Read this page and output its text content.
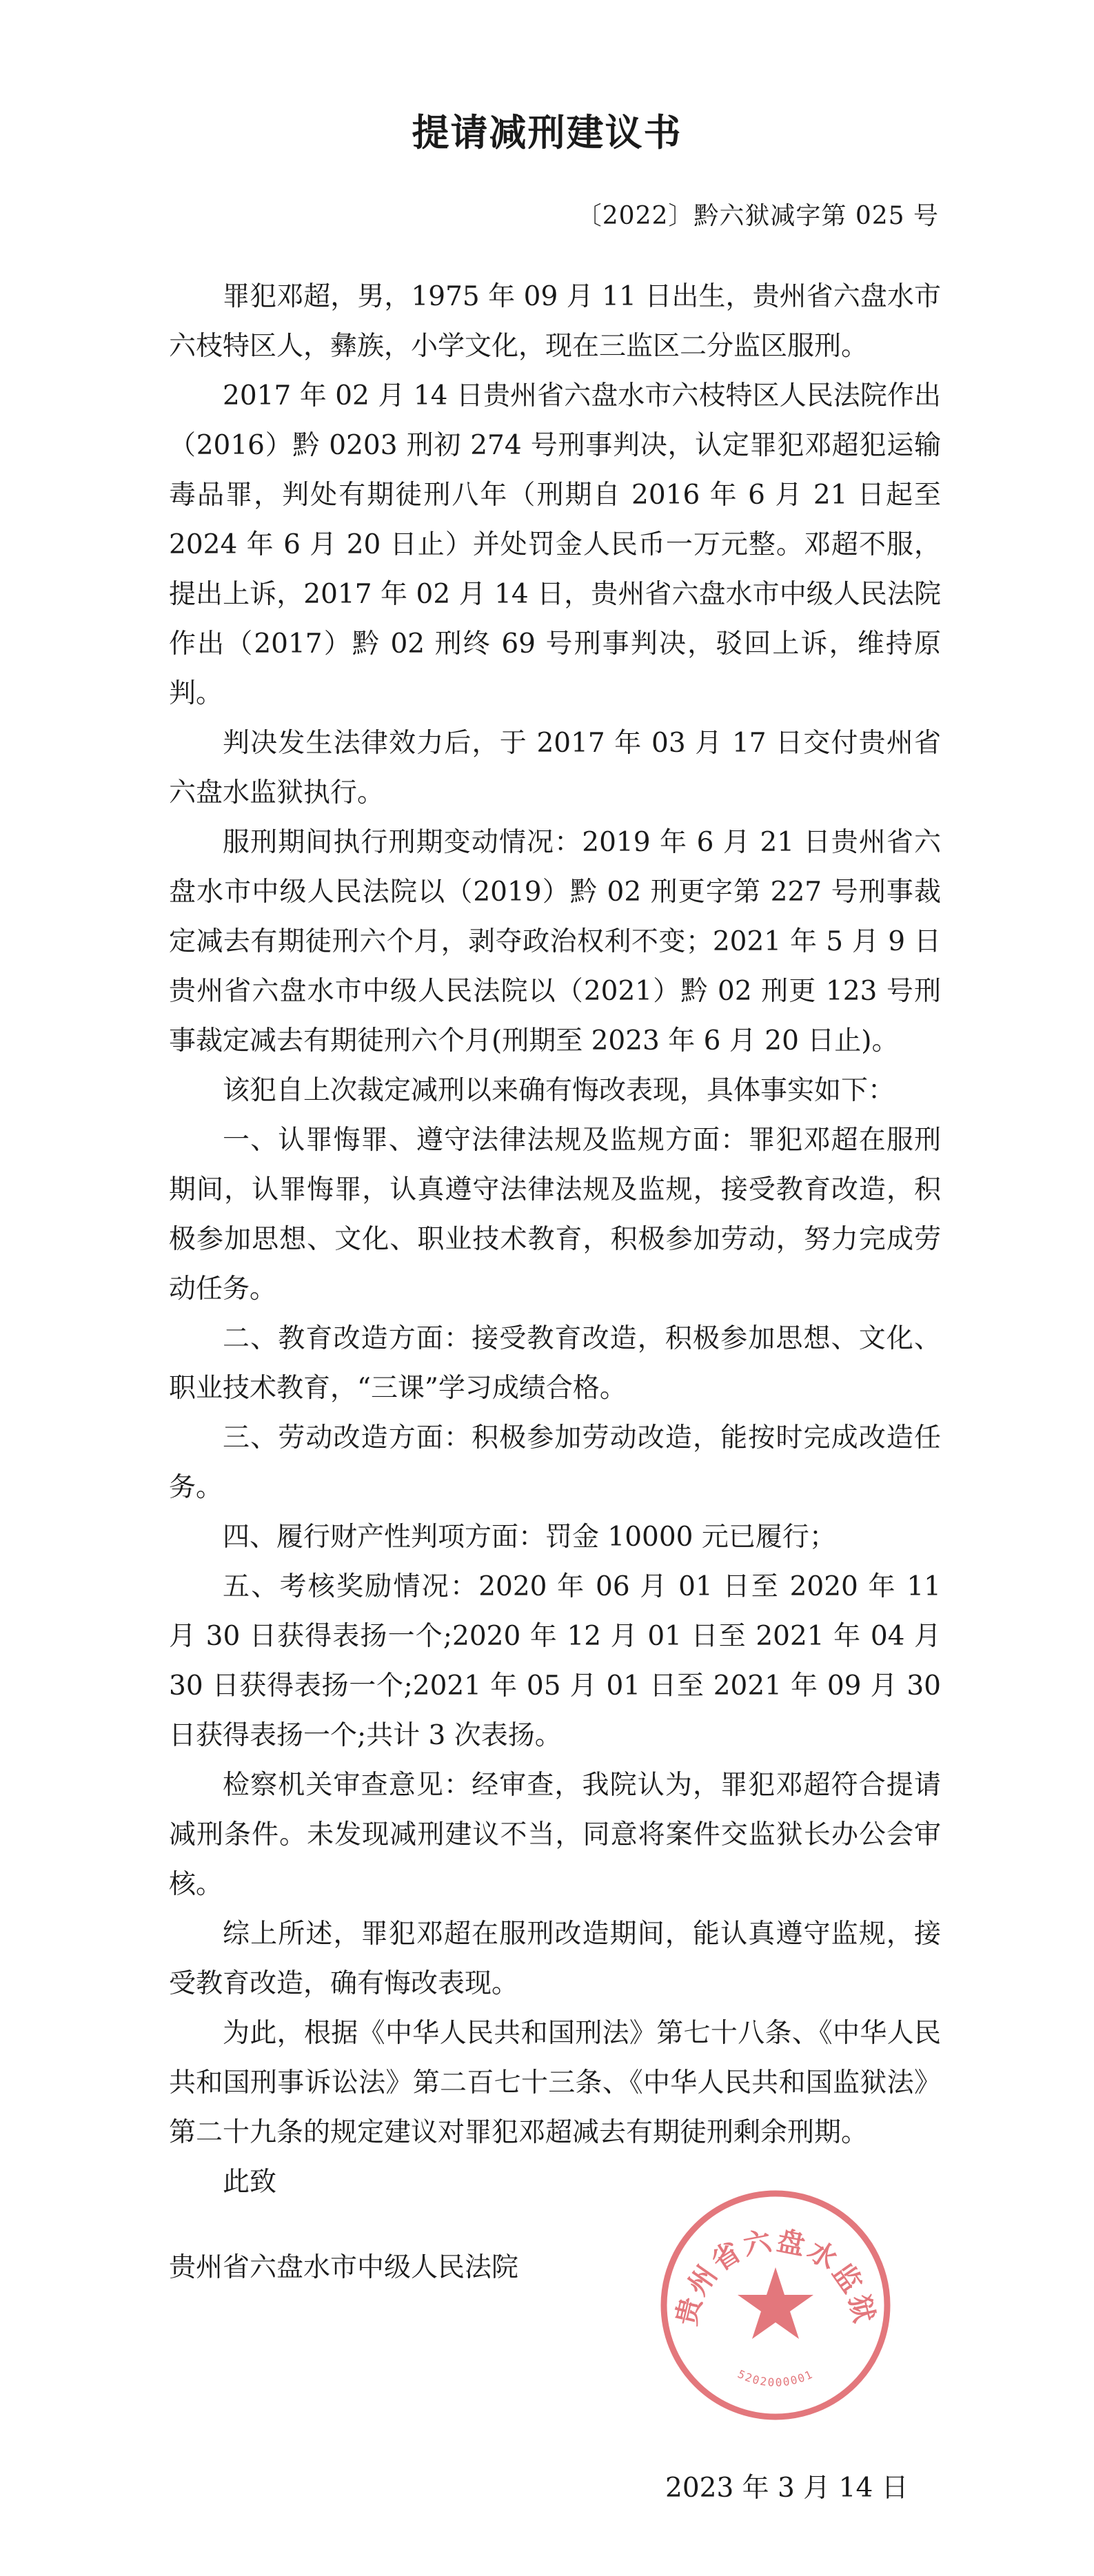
提请减刑建议书
〔2022〕黔六狱减字第 025 号

罪犯邓超，男，1975 年 09 月 11 日出生，贵州省六盘水市六枝特区人，彝族，小学文化，现在三监区二分监区服刑。

2017 年 02 月 14 日贵州省六盘水市六枝特区人民法院作出（2016）黔 0203 刑初 274 号刑事判决，认定罪犯邓超犯运输毒品罪，判处有期徒刑八年（刑期自 2016 年 6 月 21 日起至 2024 年 6 月 20 日止）并处罚金人民币一万元整。邓超不服，提出上诉，2017 年 02 月 14 日，贵州省六盘水市中级人民法院作出（2017）黔 02 刑终 69 号刑事判决，驳回上诉，维持原判。

判决发生法律效力后，于 2017 年 03 月 17 日交付贵州省六盘水监狱执行。

服刑期间执行刑期变动情况：2019 年 6 月 21 日贵州省六盘水市中级人民法院以（2019）黔 02 刑更字第 227 号刑事裁定减去有期徒刑六个月，剥夺政治权利不变；2021 年 5 月 9 日贵州省六盘水市中级人民法院以（2021）黔 02 刑更 123 号刑事裁定减去有期徒刑六个月(刑期至 2023 年 6 月 20 日止)。

该犯自上次裁定减刑以来确有悔改表现，具体事实如下：

一、认罪悔罪、遵守法律法规及监规方面：罪犯邓超在服刑期间，认罪悔罪，认真遵守法律法规及监规，接受教育改造，积极参加思想、文化、职业技术教育，积极参加劳动，努力完成劳动任务。

二、教育改造方面：接受教育改造，积极参加思想、文化、职业技术教育，“三课”学习成绩合格。

三、劳动改造方面：积极参加劳动改造，能按时完成改造任务。

四、履行财产性判项方面：罚金 10000 元已履行；

五、考核奖励情况：2020 年 06 月 01 日至 2020 年 11 月 30 日获得表扬一个;2020 年 12 月 01 日至 2021 年 04 月 30 日获得表扬一个;2021 年 05 月 01 日至 2021 年 09 月 30 日获得表扬一个;共计 3 次表扬。

检察机关审查意见：经审查，我院认为，罪犯邓超符合提请减刑条件。未发现减刑建议不当，同意将案件交监狱长办公会审核。

综上所述，罪犯邓超在服刑改造期间，能认真遵守监规，接受教育改造，确有悔改表现。

为此，根据《中华人民共和国刑法》第七十八条、《中华人民共和国刑事诉讼法》第二百七十三条、《中华人民共和国监狱法》第二十九条的规定建议对罪犯邓超减去有期徒刑剩余刑期。

此致

贵州省六盘水市中级人民法院
贵州省六盘水监狱
5202000001
2023 年 3 月 14 日
